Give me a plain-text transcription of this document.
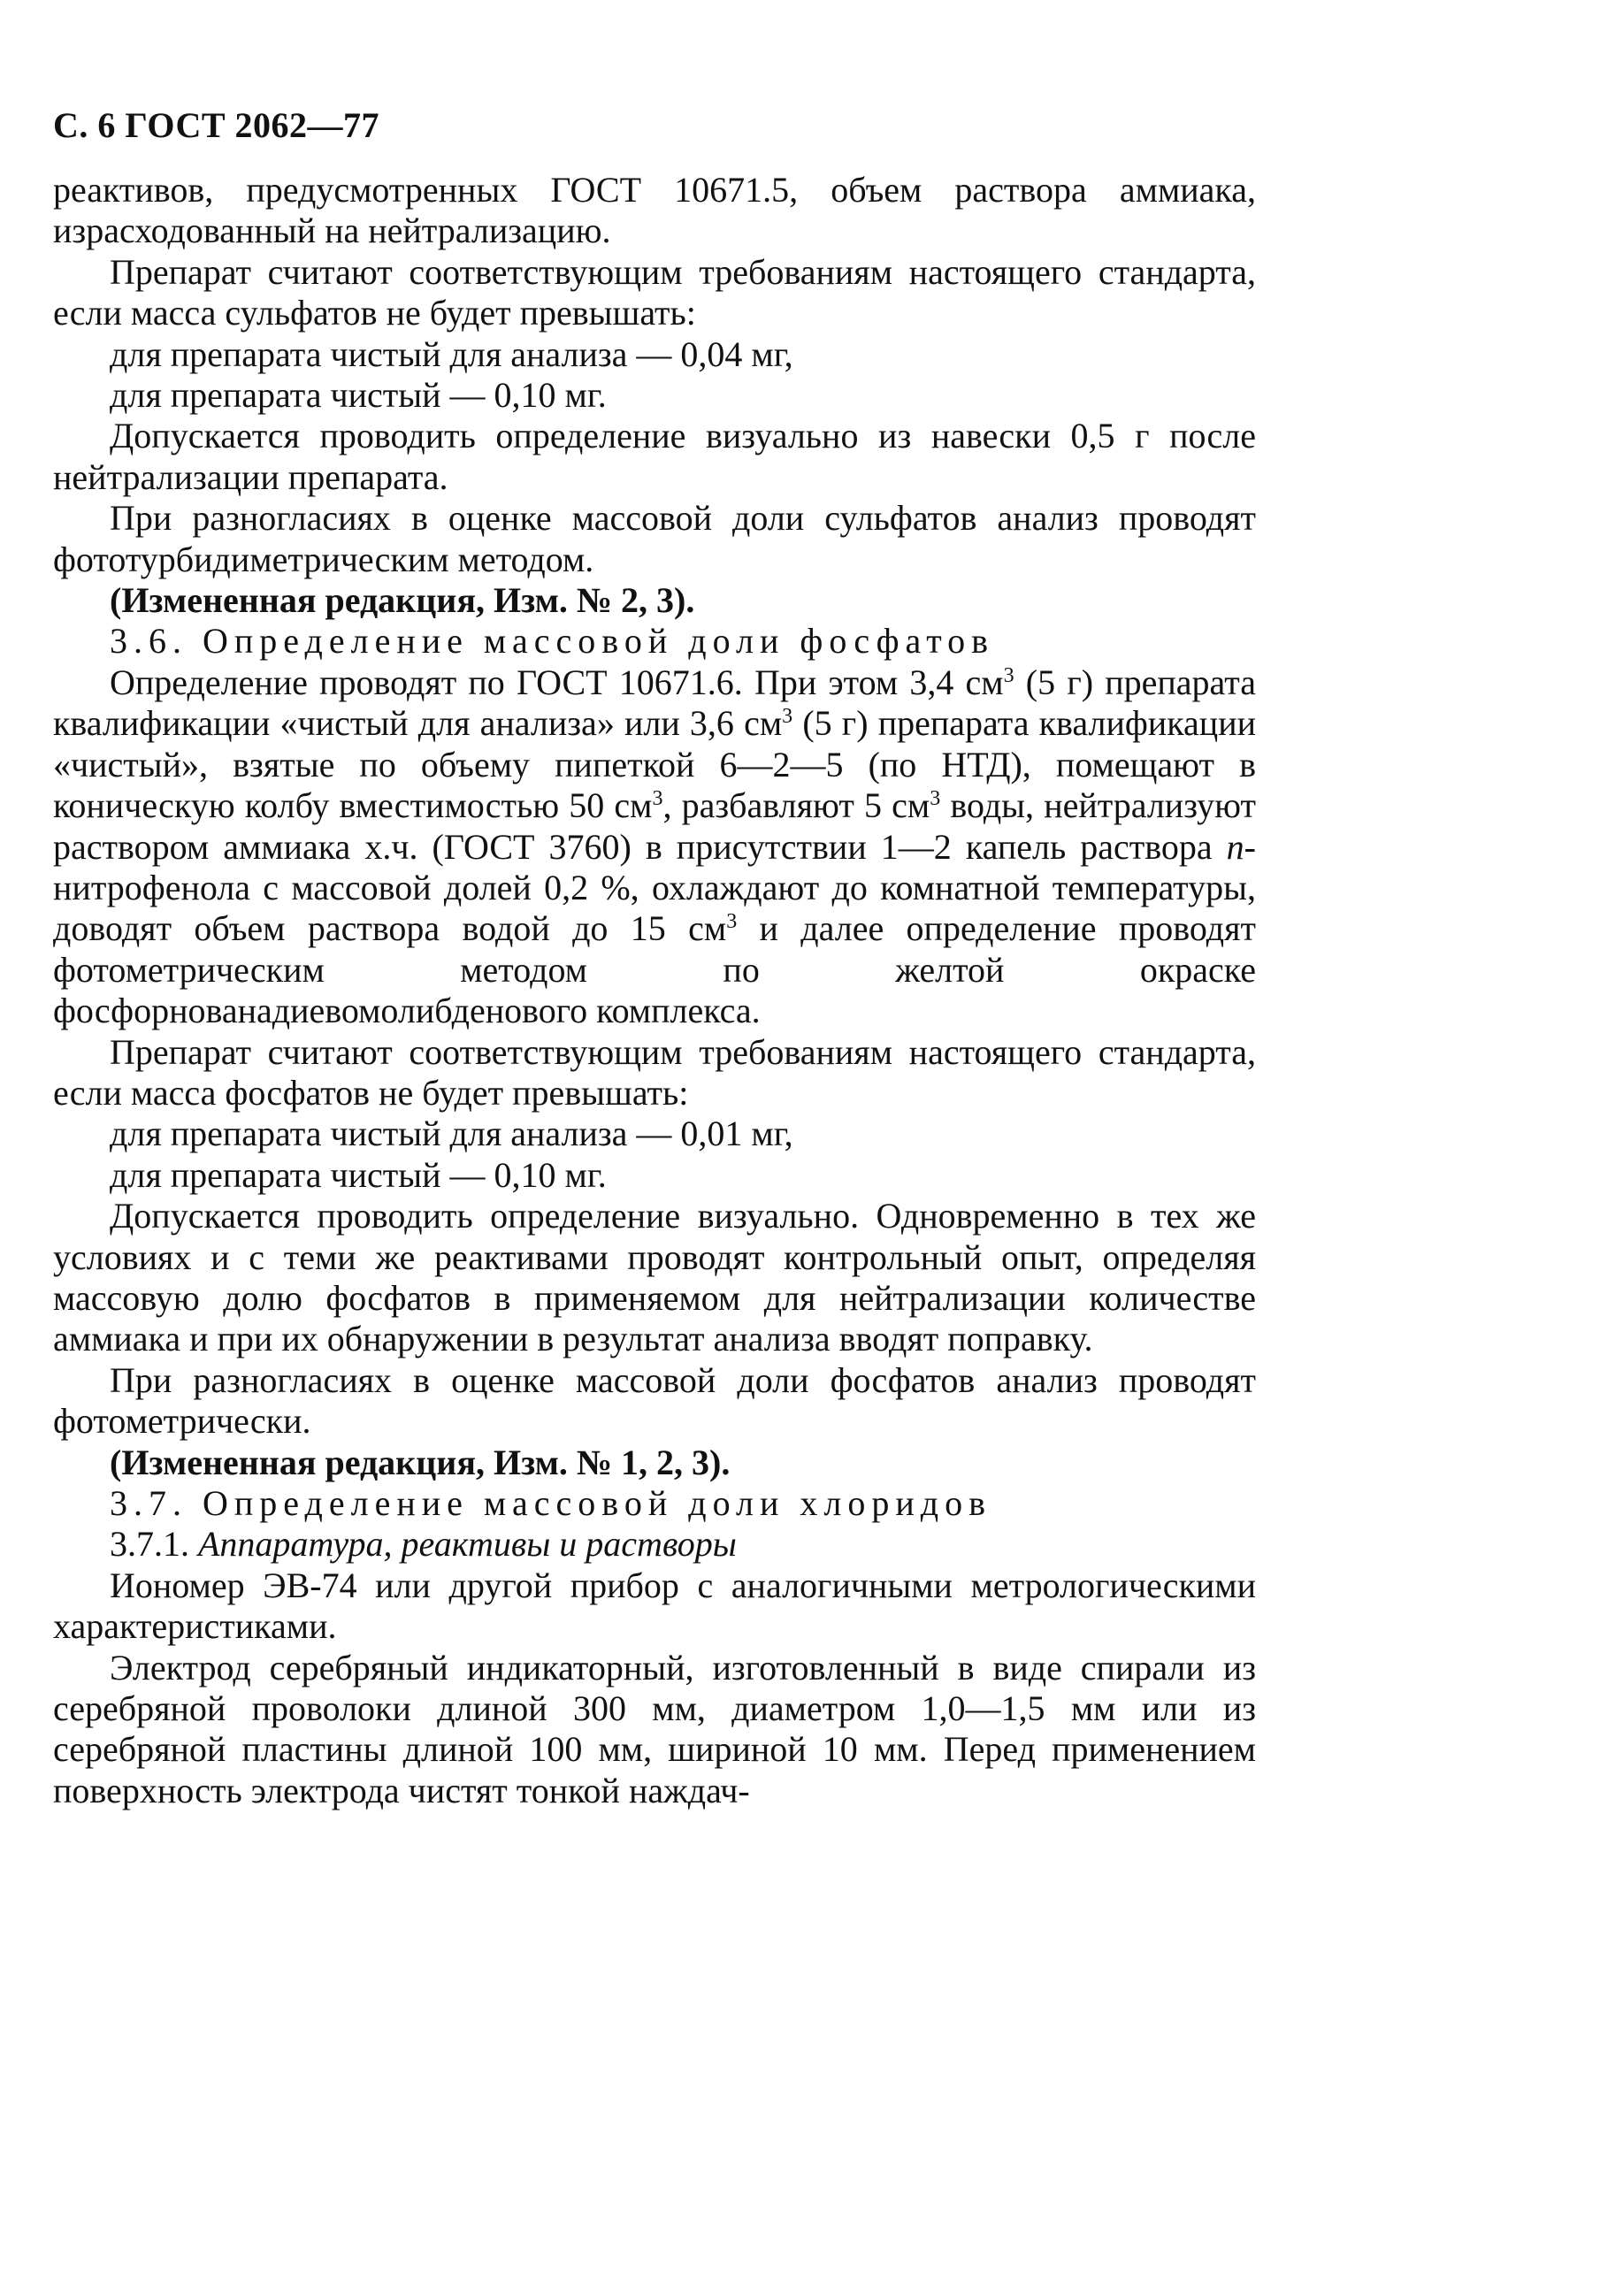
С. 6 ГОСТ 2062—77

реактивов, предусмотренных ГОСТ 10671.5, объем раствора аммиака, израсходованный на нейтрализацию.

Препарат считают соответствующим требованиям настоящего стандарта, если масса сульфатов не будет превышать:

для препарата чистый для анализа — 0,04 мг,

для препарата чистый — 0,10 мг.

Допускается проводить определение визуально из навески 0,5 г после нейтрализации препарата.

При разногласиях в оценке массовой доли сульфатов анализ проводят фототурбидиметрическим методом.

(Измененная редакция, Изм. № 2, 3).

3.6. Определение массовой доли фосфатов

Определение проводят по ГОСТ 10671.6. При этом 3,4 $см^3$ (5 г) препарата квалификации «чистый для анализа» или 3,6 $см^3$ (5 г) препарата квалификации «чистый», взятые по объему пипеткой 6—2—5 (по НТД), помещают в коническую колбу вместимостью 50 $см^3$, разбавляют 5 $см^3$ воды, нейтрализуют раствором аммиака х.ч. (ГОСТ 3760) в присутствии 1—2 капель раствора п-нитрофенола с массовой долей 0,2 %, охлаждают до комнатной температуры, доводят объем раствора водой до 15 $см^3$ и далее определение проводят фотометрическим методом по желтой окраске фосфорнованадиевомолибденового комплекса.

Препарат считают соответствующим требованиям настоящего стандарта, если масса фосфатов не будет превышать:

для препарата чистый для анализа — 0,01 мг,

для препарата чистый — 0,10 мг.

Допускается проводить определение визуально. Одновременно в тех же условиях и с теми же реактивами проводят контрольный опыт, определяя массовую долю фосфатов в применяемом для нейтрализации количестве аммиака и при их обнаружении в результат анализа вводят поправку.

При разногласиях в оценке массовой доли фосфатов анализ проводят фотометрически.

(Измененная редакция, Изм. № 1, 2, 3).

3.7. Определение массовой доли хлоридов

3.7.1. Аппаратура, реактивы и растворы

Иономер ЭВ-74 или другой прибор с аналогичными метрологическими характеристиками.

Электрод серебряный индикаторный, изготовленный в виде спирали из серебряной проволоки длиной 300 мм, диаметром 1,0—1,5 мм или из серебряной пластины длиной 100 мм, шириной 10 мм. Перед применением поверхность электрода чистят тонкой наждач-
